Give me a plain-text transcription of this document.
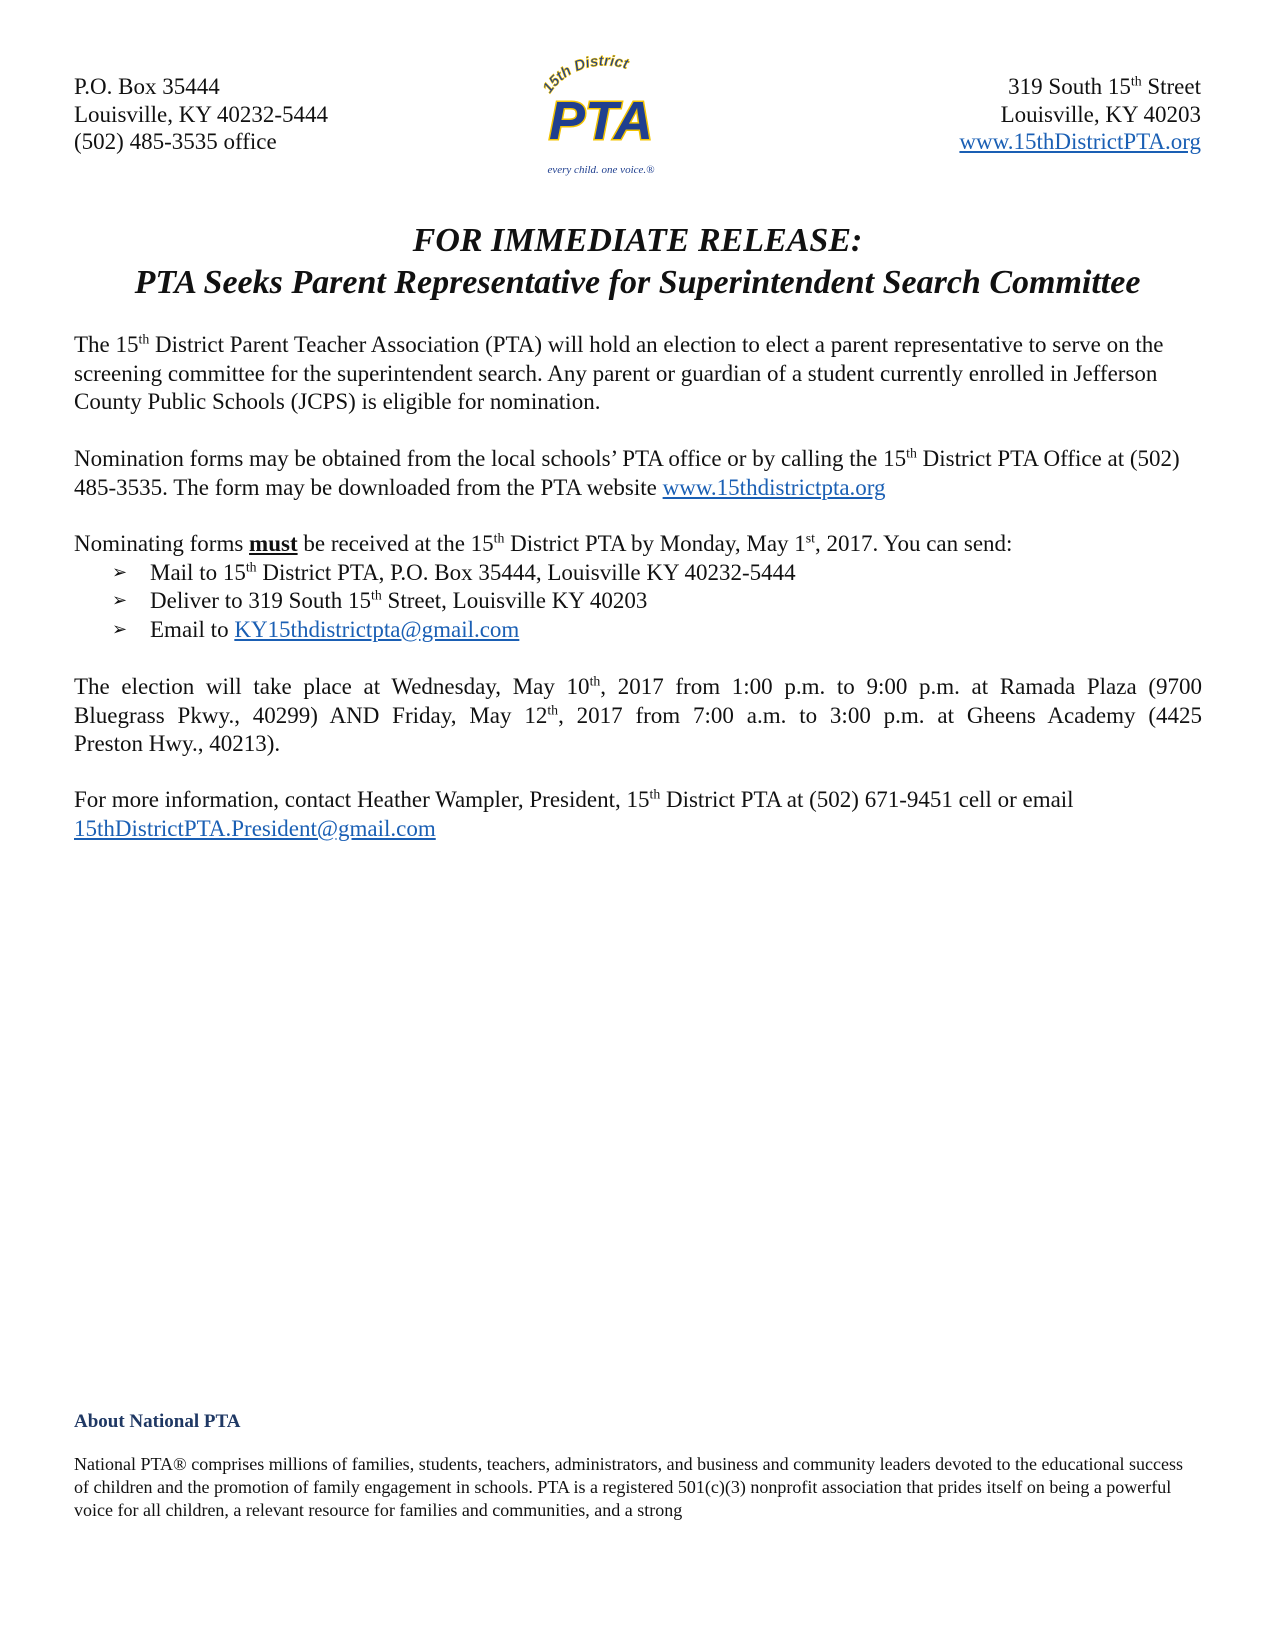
P.O. Box 35444
Louisville, KY 40232-5444
(502) 485-3535 office
15th District
PTA
every child. one voice.®
319 South 15th Street
Louisville, KY 40203
www.15thDistrictPTA.org
FOR IMMEDIATE RELEASE:
PTA Seeks Parent Representative for Superintendent Search Committee
The 15th District Parent Teacher Association (PTA) will hold an election to elect a parent representative to serve on the screening committee for the superintendent search. Any parent or guardian of a student currently enrolled in Jefferson County Public Schools (JCPS) is eligible for nomination.
Nomination forms may be obtained from the local schools’ PTA office or by calling the 15th District PTA Office at (502) 485-3535. The form may be downloaded from the PTA website www.15thdistrictpta.org
Nominating forms must be received at the 15th District PTA by Monday, May 1st, 2017. You can send:
➢ Mail to 15th District PTA, P.O. Box 35444, Louisville KY 40232-5444
➢ Deliver to 319 South 15th Street, Louisville KY 40203
➢ Email to KY15thdistrictpta@gmail.com
The election will take place at Wednesday, May 10th, 2017 from 1:00 p.m. to 9:00 p.m. at Ramada Plaza (9700
Bluegrass Pkwy., 40299) AND Friday, May 12th, 2017 from 7:00 a.m. to 3:00 p.m. at Gheens Academy (4425
Preston Hwy., 40213).
For more information, contact Heather Wampler, President, 15th District PTA at (502) 671-9451 cell or email
15thDistrictPTA.President@gmail.com
About National PTA
National PTA® comprises millions of families, students, teachers, administrators, and business and community leaders devoted to the educational success of children and the promotion of family engagement in schools. PTA is a registered 501(c)(3) nonprofit association that prides itself on being a powerful voice for all children, a relevant resource for families and communities, and a strong
